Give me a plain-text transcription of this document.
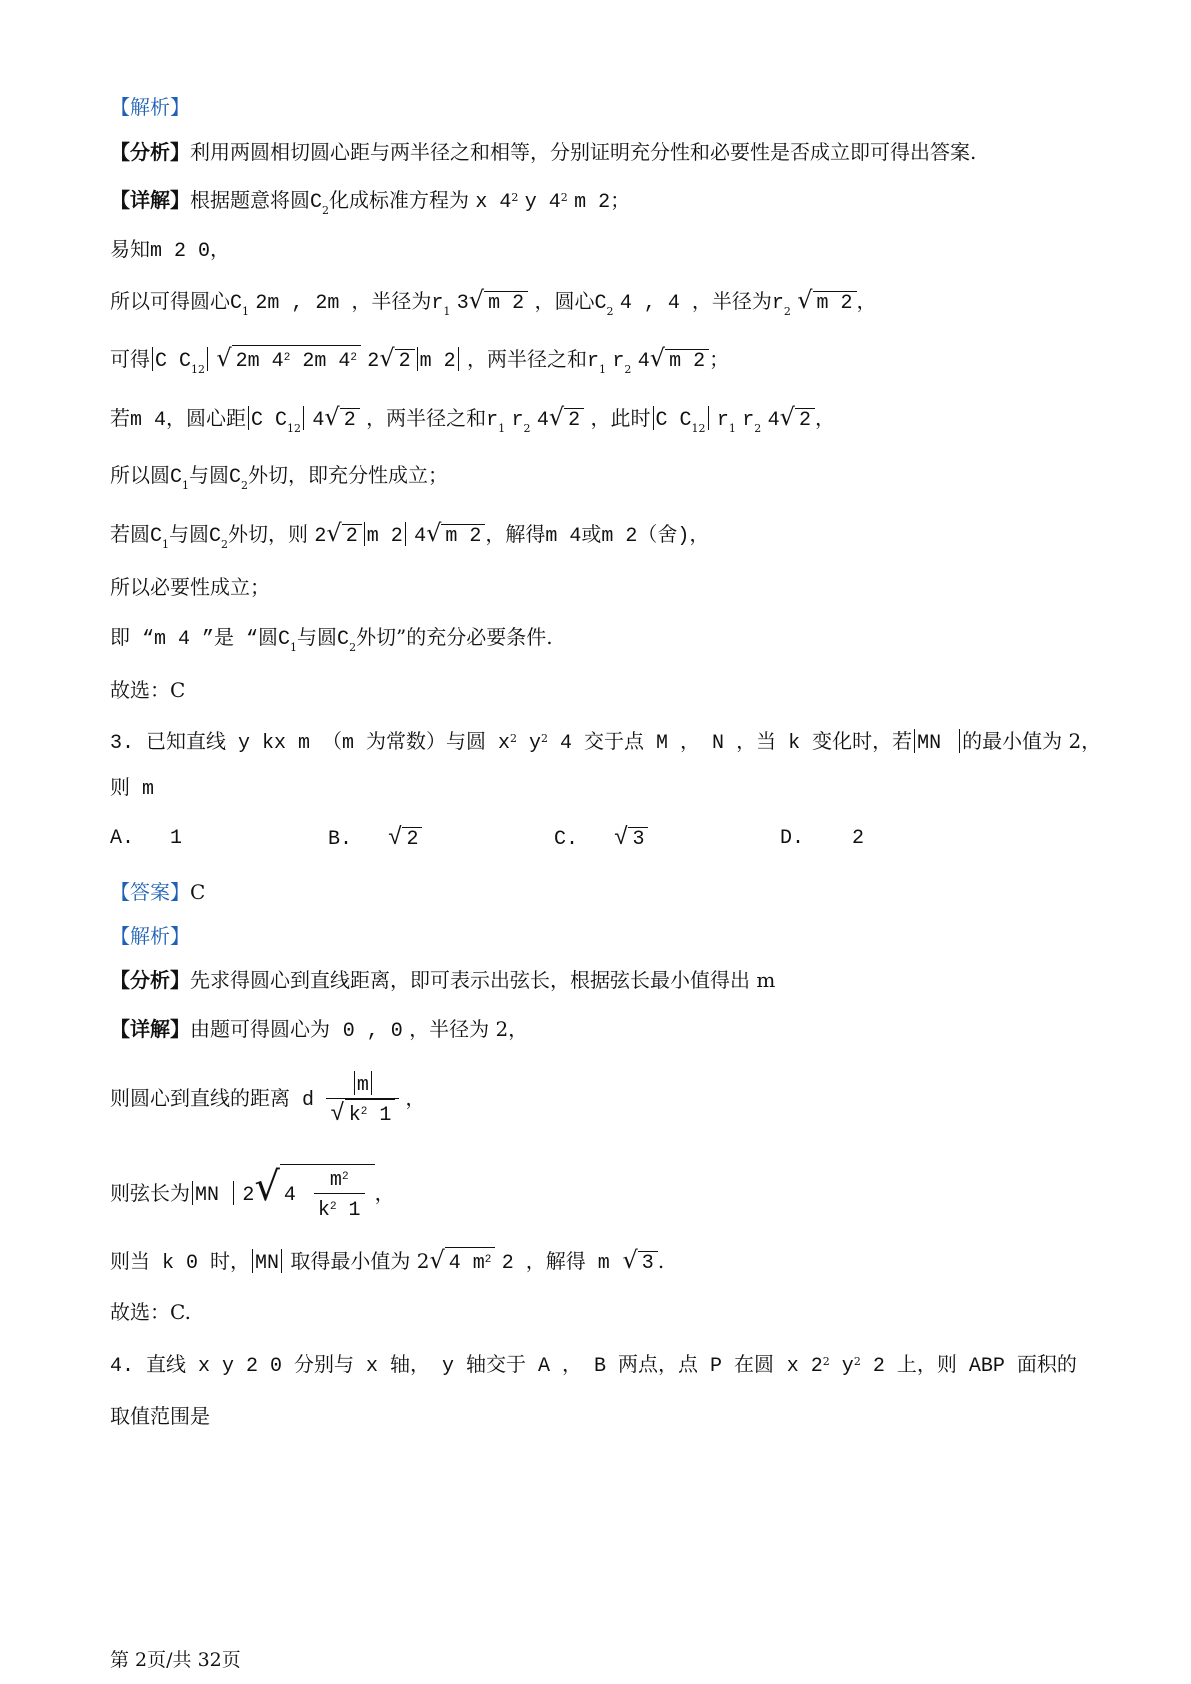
【解析】
【分析】利用两圆相切圆心距与两半径之和相等，分别证明充分性和必要性是否成立即可得出答案.
【详解】根据题意将圆$C_2$化成标准方程为 x $4^2$ y $4^2$ m 2；
易知m 2 0，
所以可得圆心$C_1$ 2m , 2m ，半径为$r_1$ 3√ m 2 ，圆心$C_2$ 4 , 4 ，半径为$r_2$ √ m 2 ，
可得 C $C_{12}$ √ 2m $4^2$ 2m $4^2$ 2√ 2 m 2 ，两半径之和$r_1$ $r_2$ 4√ m 2 ；
若m 4，圆心距 C $C_{12}$ 4√ 2 ，两半径之和$r_1$ $r_2$ 4√ 2 ，此时 C $C_{12}$ $r_1$ $r_2$ 4√ 2 ，
所以圆$C_1$与圆$C_2$外切，即充分性成立；
若圆$C_1$与圆$C_2$外切，则 2√ 2 m 2 4√ m 2 ，解得m 4或m 2（舍)，
所以必要性成立；
即 “m 4 ”是 “圆$C_1$与圆$C_2$外切”的充分必要条件.
故选：C
3. 已知直线 y kx m （m 为常数）与圆 $x^2$ $y^2$ 4 交于点 M ， N ，当 k 变化时，若 MN 的最小值为 2，
则 m
A. 1	B. √ 2	C. √ 3	D. 2
【答案】C
【解析】
【分析】先求得圆心到直线距离，即可表示出弦长，根据弦长最小值得出 m
【详解】由题可得圆心为 0 , 0 ，半径为 2，
则圆心到直线的距离 d $\frac{m}{√ k^2 1}$ ，
则弦长为 MN 2√ $4 \frac{m^2}{k^2 1}$ ，
则当 k 0 时， MN 取得最小值为 2√ 4 $m^2$ 2 ，解得 m √ 3 .
故选：C.
4. 直线 x y 2 0 分别与 x 轴， y 轴交于 A ， B 两点，点 P 在圆 x $2^2$ $y^2$ 2 上，则 ABP 面积的
取值范围是
第 2页/共 32页
